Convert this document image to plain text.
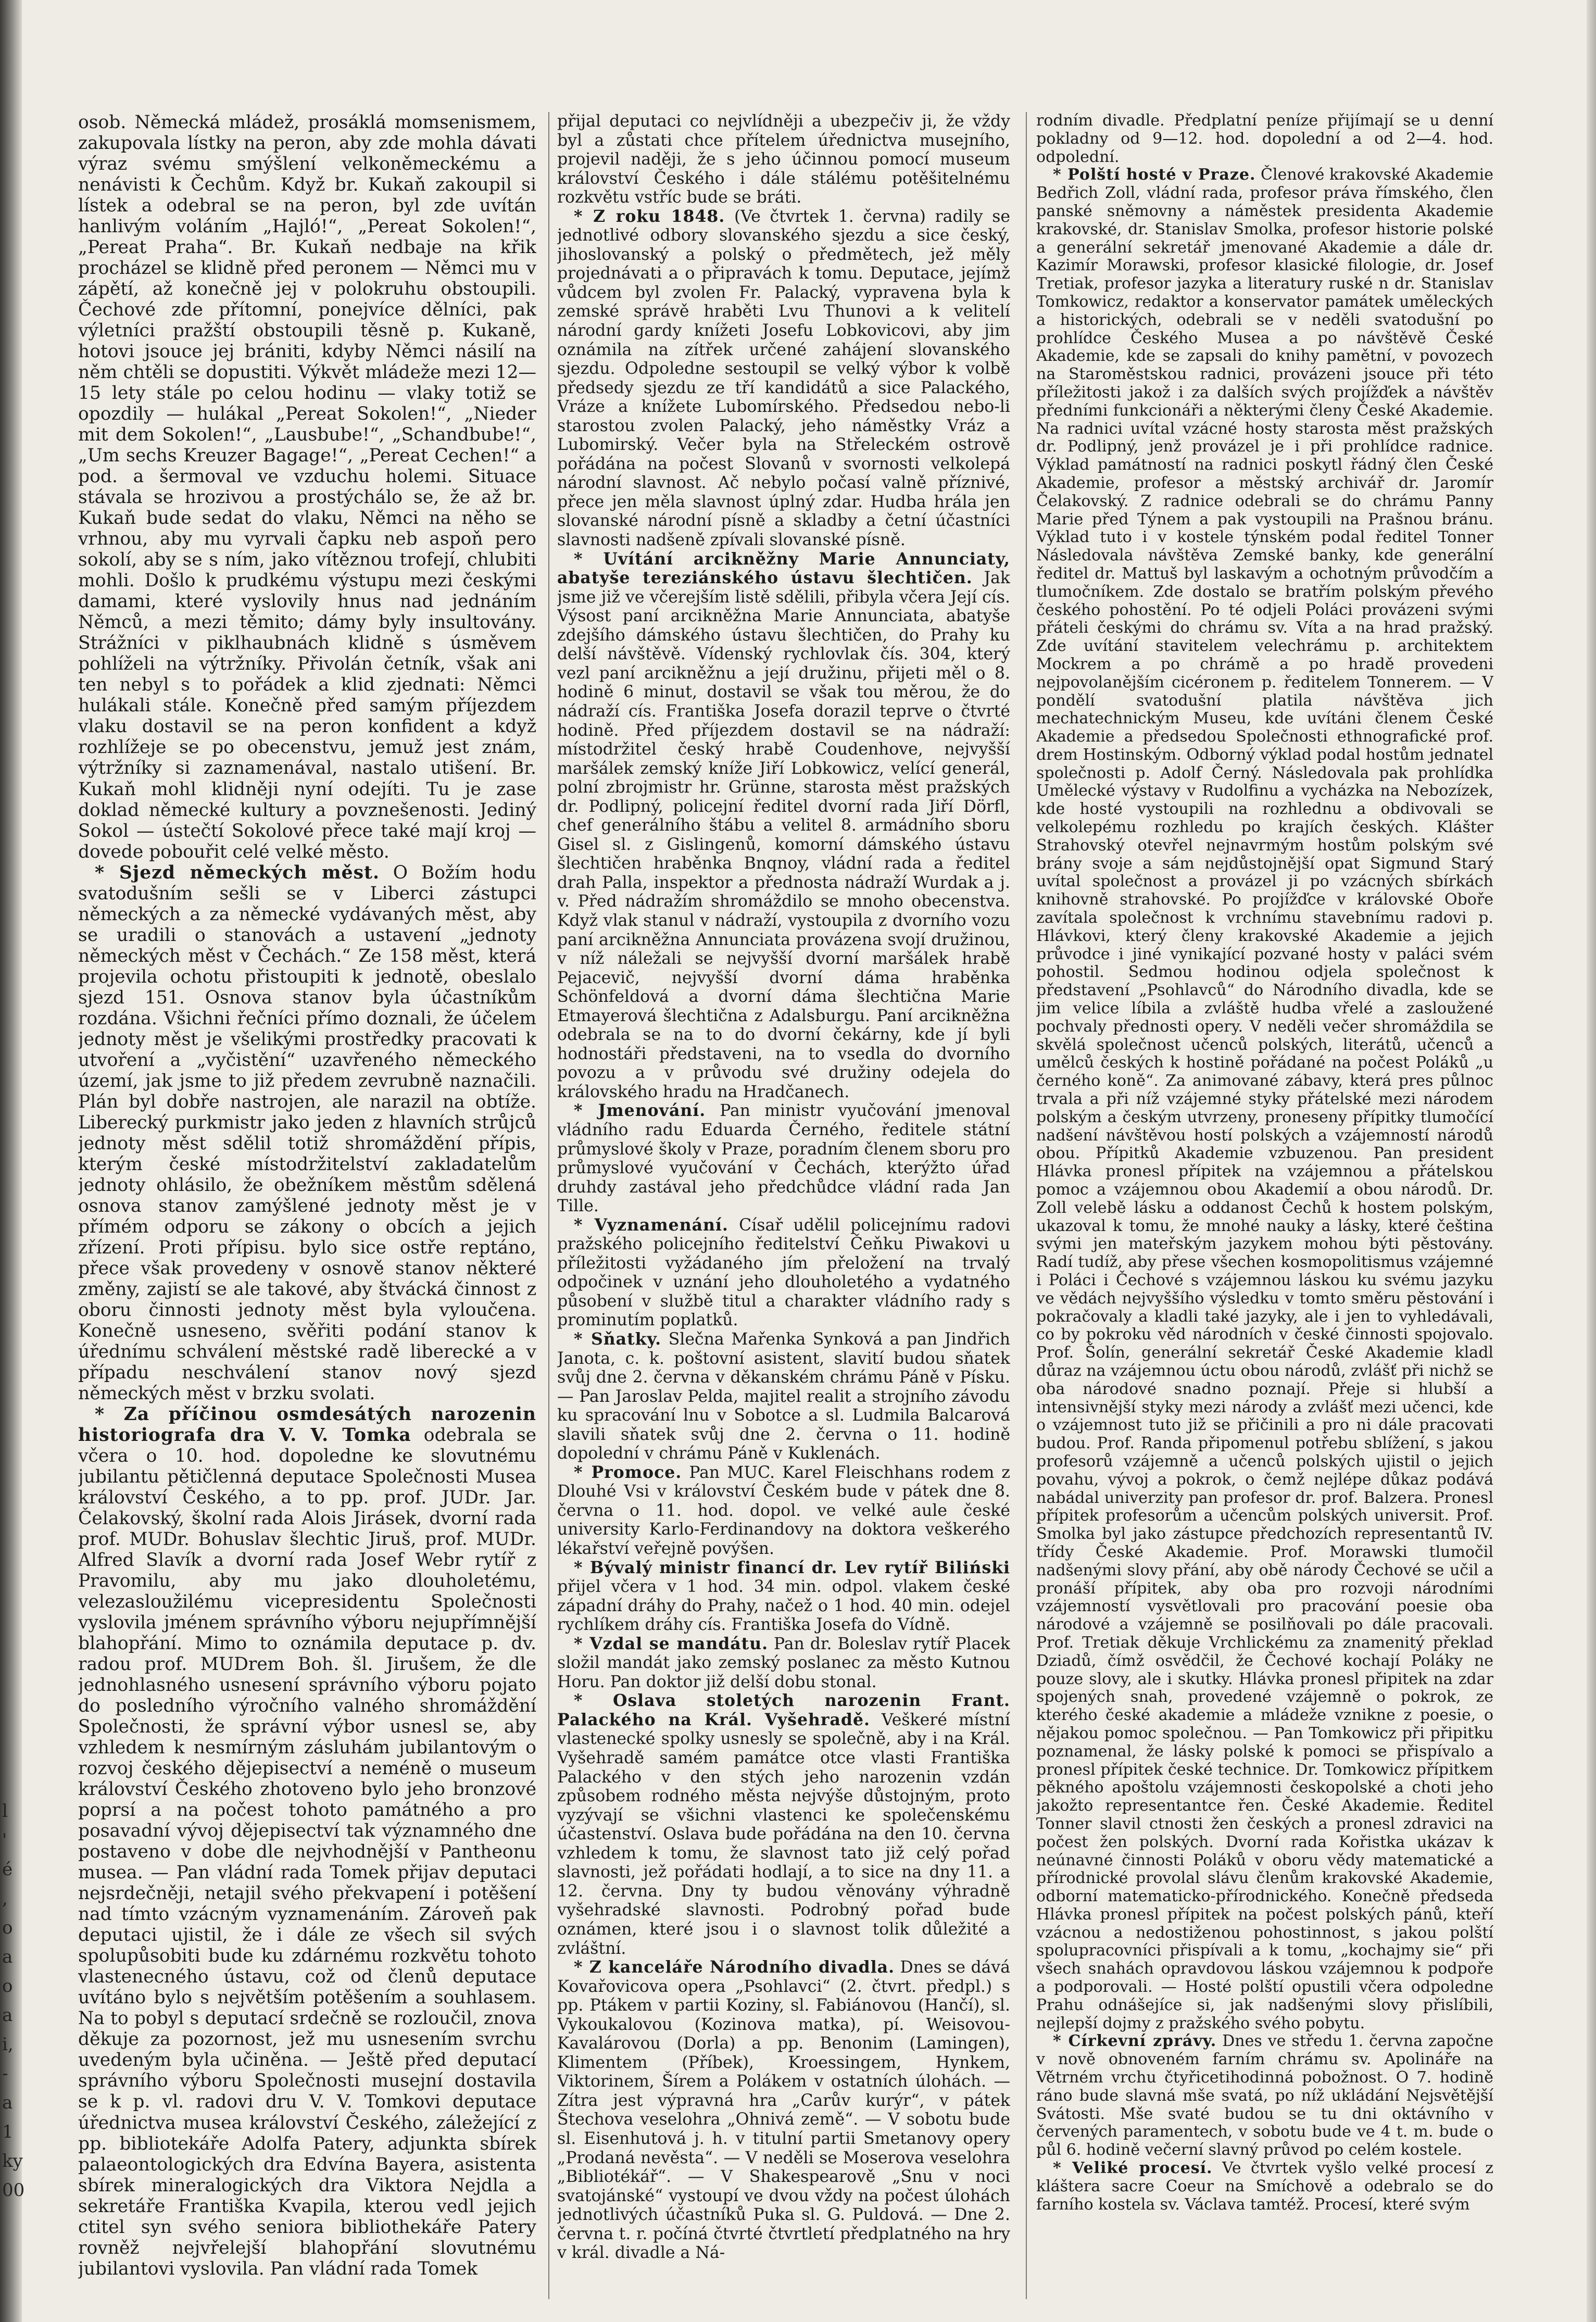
l
'
é
,
o
a
o
a
i,
-
a
1
ky
00

osob. Německá mládež, prosáklá momsenismem, zakupovala lístky na peron, aby zde mohla dávati výraz svému smýšlení velkoněmeckému a nenávisti k Čechům. Když br. Kukaň zakoupil si lístek a odebral se na peron, byl zde uvítán hanlivým voláním „Hajló!“, „Pereat Sokolen!“, „Pereat Praha“. Br. Kukaň nedbaje na křik procházel se klidně před peronem — Němci mu v zápětí, až konečně jej v polokruhu obstoupili. Čechové zde přítomní, ponejvíce dělníci, pak výletníci pražští obstoupili těsně p. Kukaně, hotovi jsouce jej brániti, kdyby Němci násilí na něm chtěli se dopustiti. Výkvět mládeže mezi 12—15 lety stále po celou hodinu — vlaky totiž se opozdily — hulákal „Pereat Sokolen!“, „Nieder mit dem Sokolen!“, „Lausbube!“, „Schandbube!“, „Um sechs Kreuzer Bagage!“, „Pereat Cechen!“ a pod. a šermoval ve vzduchu holemi. Situace stávala se hrozivou a prostýchálo se, že až br. Kukaň bude sedat do vlaku, Němci na něho se vrhnou, aby mu vyrvali čapku neb aspoň pero sokolí, aby se s ním, jako vítěznou trofejí, chlubiti mohli. Došlo k prudkému výstupu mezi českými damami, které vyslovily hnus nad jednáním Němců, a mezi těmito; dámy byly insultovány. Strážníci v piklhaubnách klidně s úsměvem pohlíželi na výtržníky. Přivolán četník, však ani ten nebyl s to pořádek a klid zjednati: Němci hulákali stále. Konečně před samým příjezdem vlaku dostavil se na peron konfident a když rozhlížeje se po obecenstvu, jemuž jest znám, výtržníky si zaznamenával, nastalo utišení. Br. Kukaň mohl klidněji nyní odejíti. Tu je zase doklad německé kultury a povznešenosti. Jediný Sokol — ústečtí Sokolové přece také mají kroj — dovede pobouřit celé velké město.

* Sjezd německých měst. O Božím hodu svatodušním sešli se v Liberci zástupci německých a za německé vydávaných měst, aby se uradili o stanovách a ustavení „jednoty německých měst v Čechách.“ Ze 158 měst, která projevila ochotu přistoupiti k jednotě, obeslalo sjezd 151. Osnova stanov byla účastníkům rozdána. Všichni řečníci přímo doznali, že účelem jednoty měst je všelikými prostředky pracovati k utvoření a „vyčistění“ uzavřeného německého území, jak jsme to již předem zevrubně naznačili. Plán byl dobře nastrojen, ale narazil na obtíže. Liberecký purkmistr jako jeden z hlavních strůjců jednoty měst sdělil totiž shromáždění přípis, kterým české místodržitelství zakladatelům jednoty ohlásilo, že obežníkem městům sdělená osnova stanov zamýšlené jednoty měst je v přímém odporu se zákony o obcích a jejich zřízení. Proti přípisu. bylo sice ostře reptáno, přece však provedeny v osnově stanov některé změny, zajistí se ale takové, aby štvácká činnost z oboru činnosti jednoty měst byla vyloučena. Konečně usneseno, svěřiti podání stanov k úřednímu schválení městské radě liberecké a v případu neschválení stanov nový sjezd německých měst v brzku svolati.

* Za příčinou osmdesátých narozenin historiografa dra V. V. Tomka odebrala se včera o 10. hod. dopoledne ke slovutnému jubilantu pětičlenná deputace Společnosti Musea království Českého, a to pp. prof. JUDr. Jar. Čelakovský, školní rada Alois Jirásek, dvorní rada prof. MUDr. Bohuslav šlechtic Jiruš, prof. MUDr. Alfred Slavík a dvorní rada Josef Webr rytíř z Pravomilu, aby mu jako dlouholetému, velezasloužilému vicepresidentu Společnosti vyslovila jménem správního výboru nejupřímnější blahopřání. Mimo to oznámila deputace p. dv. radou prof. MUDrem Boh. šl. Jirušem, že dle jednohlasného usnesení správního výboru pojato do posledního výročního valného shromáždění Společnosti, že správní výbor usnesl se, aby vzhledem k nesmírným zásluhám jubilantovým o rozvoj českého dějepisectví a neméně o museum království Českého zhotoveno bylo jeho bronzové poprsí a na počest tohoto památného a pro posavadní vývoj dějepisectví tak významného dne postaveno v dobe dle nejvhodnější v Pantheonu musea. — Pan vládní rada Tomek přijav deputaci nejsrdečněji, netajil svého překvapení i potěšení nad tímto vzácným vyznamenáním. Zároveň pak deputaci ujistil, že i dále ze všech sil svých spolupůsobiti bude ku zdárnému rozkvětu tohoto vlastenecného ústavu, což od členů deputace uvítáno bylo s největším potěšením a souhlasem. Na to pobyl s deputací srdečně se rozloučil, znova děkuje za pozornost, jež mu usnesením svrchu uvedeným byla učiněna. — Ještě před deputací správního výboru Společnosti musejní dostavila se k p. vl. radovi dru V. V. Tomkovi deputace úřednictva musea království Českého, záležející z pp. bibliotekáře Adolfa Patery, adjunkta sbírek palaeontologických dra Edvína Bayera, asistenta sbírek mineralogických dra Viktora Nejdla a sekretáře Františka Kvapila, kterou vedl jejich ctitel syn svého seniora bibliothekáře Patery rovněž nejvřelejší blahopřání slovutnému jubilantovi vyslovila. Pan vládní rada Tomek

přijal deputaci co nejvlídněji a ubezpečiv ji, že vždy byl a zůstati chce přítelem úřednictva musejního, projevil naději, že s jeho účinnou pomocí museum království Českého i dále stálému potěšitelnému rozkvětu vstříc bude se bráti.

* Z roku 1848. (Ve čtvrtek 1. června) radily se jednotlivé odbory slovanského sjezdu a sice český, jihoslovanský a polský o předmětech, jež měly projednávati a o připravách k tomu. Deputace, jejímž vůdcem byl zvolen Fr. Palacký, vypravena byla k zemské správě hraběti Lvu Thunovi a k velitelí národní gardy knížeti Josefu Lobkovicovi, aby jim oznámila na zítřek určené zahájení slovanského sjezdu. Odpoledne sestoupil se velký výbor k volbě předsedy sjezdu ze tří kandidátů a sice Palackého, Vráze a knížete Lubomírského. Předsedou nebo-li starostou zvolen Palacký, jeho náměstky Vráz a Lubomirský. Večer byla na Střeleckém ostrově pořádána na počest Slovanů v svornosti velkolepá národní slavnost. Ač nebylo počasí valně příznivé, přece jen měla slavnost úplný zdar. Hudba hrála jen slovanské národní písně a skladby a četní účastníci slavnosti nadšeně zpívali slovanské písně.

* Uvítání arcikněžny Marie Annunciaty, abatyše tereziánského ústavu šlechtičen. Jak jsme již ve včerejším listě sdělili, přibyla včera Její cís. Výsost paní arcikněžna Marie Annunciata, abatyše zdejšího dámského ústavu šlechtičen, do Prahy ku delší návštěvě. Vídenský rychlovlak čís. 304, který vezl paní arcikněžnu a její družinu, přijeti měl o 8. hodině 6 minut, dostavil se však tou měrou, že do nádraží cís. Františka Josefa dorazil teprve o čtvrté hodině. Před příjezdem dostavil se na nádraží: místodržitel český hrabě Coudenhove, nejvyšší maršálek zemský kníže Jiří Lobkowicz, velící generál, polní zbrojmistr hr. Grünne, starosta měst pražských dr. Podlipný, policejní ředitel dvorní rada Jiří Dörfl, chef generálního štábu a velitel 8. armádního sboru Gisel sl. z Gislingenů, komorní dámského ústavu šlechtičen hraběnka Bnqnoy, vládní rada a ředitel drah Palla, inspektor a přednosta nádraží Wurdak a j. v. Před nádražím shromáždilo se mnoho obecenstva. Když vlak stanul v nádraží, vystoupila z dvorního vozu paní arcikněžna Annunciata provázena svojí družinou, v níž náležali se nejvyšší dvorní maršálek hrabě Pejacevič, nejvyšší dvorní dáma hraběnka Schönfeldová a dvorní dáma šlechtična Marie Etmayerová šlechtična z Adalsburgu. Paní arcikněžna odebrala se na to do dvorní čekárny, kde jí byli hodnostáři představeni, na to vsedla do dvorního povozu a v průvodu své družiny odejela do královského hradu na Hradčanech.

* Jmenování. Pan ministr vyučování jmenoval vládního radu Eduarda Černého, ředitele státní průmyslové školy v Praze, poradním členem sboru pro průmyslové vyučování v Čechách, kterýžto úřad druhdy zastával jeho předchůdce vládní rada Jan Tille.

* Vyznamenání. Císař udělil policejnímu radovi pražského policejního ředitelství Čeňku Piwakovi u příležitosti vyžádaného jím přeložení na trvalý odpočinek v uznání jeho dlouholetého a vydatného působení v službě titul a charakter vládního rady s prominutím poplatků.

* Sňatky. Slečna Mařenka Synková a pan Jindřich Janota, c. k. poštovní asistent, slavití budou sňatek svůj dne 2. června v děkanském chrámu Páně v Písku. — Pan Jaroslav Pelda, majitel realit a strojního závodu ku spracování lnu v Sobotce a sl. Ludmila Balcarová slavili sňatek svůj dne 2. června o 11. hodině dopolední v chrámu Páně v Kuklenách.

* Promoce. Pan MUC. Karel Fleischhans rodem z Dlouhé Vsi v království Českém bude v pátek dne 8. června o 11. hod. dopol. ve velké aule české university Karlo-Ferdinandovy na doktora veškerého lékařství veřejně povýšen.

* Bývalý ministr financí dr. Lev rytíř Biliński přijel včera v 1 hod. 34 min. odpol. vlakem české západní dráhy do Prahy, načež o 1 hod. 40 min. odejel rychlíkem dráhy cís. Františka Josefa do Vídně.

* Vzdal se mandátu. Pan dr. Boleslav rytíř Placek složil mandát jako zemský poslanec za město Kutnou Horu. Pan doktor již delší dobu stonal.

* Oslava stoletých narozenin Frant. Palackého na Král. Vyšehradě. Veškeré místní vlastenecké spolky usnesly se společně, aby i na Král. Vyšehradě samém památce otce vlasti Františka Palackého v den stých jeho narozenin vzdán způsobem rodného města nejvýše důstojným, proto vyzývají se všichni vlastenci ke společenskému účastenství. Oslava bude pořádána na den 10. června vzhledem k tomu, že slavnost tato již celý pořad slavnosti, jež pořádati hodlají, a to sice na dny 11. a 12. června. Dny ty budou věnovány výhradně vyšehradské slavnosti. Podrobný pořad bude oznámen, které jsou i o slavnost tolik důležité a zvláštní.

* Z kanceláře Národního divadla. Dnes se dává Kovařovicova opera „Psohlavci“ (2. čtvrt. předpl.) s pp. Ptákem v partii Koziny, sl. Fabiánovou (Hančí), sl. Vykoukalovou (Kozinova matka), pí. Weisovou-Kavalárovou (Dorla) a pp. Benonim (Lamingen), Klimentem (Příbek), Kroessingem, Hynkem, Viktorinem, Šírem a Polákem v ostatních úlohách. — Zítra jest výpravná hra „Carův kurýr“, v pátek Štechova veselohra „Ohnivá země“. — V sobotu bude sl. Eisenhutová j. h. v titulní partii Smetanovy opery „Prodaná nevěsta“. — V neděli se Moserova veselohra „Bibliotékář“. — V Shakespearově „Snu v noci svatojánské“ vystoupí ve dvou vždy na počest úlohách jednotlivých účastníků Puka sl. G. Puldová. — Dne 2. června t. r. počíná čtvrté čtvrtletí předplatného na hry v král. divadle a Ná-

rodním divadle. Předplatní peníze přijímají se u denní pokladny od 9—12. hod. dopolední a od 2—4. hod. odpolední.

* Polští hosté v Praze. Členové krakovské Akademie Bedřich Zoll, vládní rada, profesor práva římského, člen panské sněmovny a náměstek presidenta Akademie krakovské, dr. Stanislav Smolka, profesor historie polské a generální sekretář jmenované Akademie a dále dr. Kazimír Morawski, profesor klasické filologie, dr. Josef Tretiak, profesor jazyka a literatury ruské n dr. Stanislav Tomkowicz, redaktor a konservator památek uměleckých a historických, odebrali se v neděli svatodušní po prohlídce Českého Musea a po návštěvě České Akademie, kde se zapsali do knihy pamětní, v povozech na Staroměstskou radnici, provázeni jsouce při této příležitosti jakož i za dalších svých projížďek a návštěv předními funkcionáři a některými členy České Akademie. Na radnici uvítal vzácné hosty starosta měst pražských dr. Podlipný, jenž provázel je i při prohlídce radnice. Výklad památností na radnici poskytl řádný člen České Akademie, profesor a městský archivář dr. Jaromír Čelakovský. Z radnice odebrali se do chrámu Panny Marie před Týnem a pak vystoupili na Prašnou bránu. Výklad tuto i v kostele týnském podal ředitel Tonner Následovala návštěva Zemské banky, kde generální ředitel dr. Mattuš byl laskavým a ochotným průvodčím a tlumočníkem. Zde dostalo se bratřím polským převého českého pohostění. Po té odjeli Poláci provázeni svými přáteli českými do chrámu sv. Víta a na hrad pražský. Zde uvítání stavitelem velechrámu p. architektem Mockrem a po chrámě a po hradě provedeni nejpovolanějším cicéronem p. ředitelem Tonnerem. — V pondělí svatodušní platila návštěva jich mechatechnickým Museu, kde uvítáni členem České Akademie a předsedou Společnosti ethnografické prof. drem Hostinským. Odborný výklad podal hostům jednatel společnosti p. Adolf Černý. Následovala pak prohlídka Umělecké výstavy v Rudolfinu a vycházka na Nebozízek, kde hosté vystoupili na rozhlednu a obdivovali se velkolepému rozhledu po krajích českých. Klášter Strahovský otevřel nejnavrmým hostům polským své brány svoje a sám nejdůstojnější opat Sigmund Starý uvítal společnost a provázel ji po vzácných sbírkách knihovně strahovské. Po projížďce v královské Oboře zavítala společnost k vrchnímu stavebnímu radovi p. Hlávkovi, který členy krakovské Akademie a jejich průvodce i jiné vynikající pozvané hosty v paláci svém pohostil. Sedmou hodinou odjela společnost k představení „Psohlavců“ do Národního divadla, kde se jim velice líbila a zvláště hudba vřelé a zasloužené pochvaly přednosti opery. V neděli večer shromáždila se skvělá společnost učenců polských, literátů, učenců a umělců českých k hostině pořádané na počest Poláků „u černého koně“. Za animované zábavy, která pres půlnoc trvala a při níž vzájemné styky přátelské mezi národem polským a českým utvrzeny, proneseny přípitky tlumočící nadšení návštěvou hostí polských a vzájemností národů obou. Přípitků Akademie vzbuzenou. Pan president Hlávka pronesl přípitek na vzájemnou a přátelskou pomoc a vzájemnou obou Akademií a obou národů. Dr. Zoll velebě lásku a oddanost Čechů k hostem polským, ukazoval k tomu, že mnohé nauky a lásky, které čeština svými jen mateřským jazykem mohou býti pěstovány. Radí tudíž, aby přese všechen kosmopolitismus vzájemné i Poláci i Čechové s vzájemnou láskou ku svému jazyku ve vědách nejvyššího výsledku v tomto směru pěstování i pokračovaly a kladli také jazyky, ale i jen to vyhledávali, co by pokroku věd národních v české činnosti spojovalo. Prof. Šolín, generální sekretář České Akademie kladl důraz na vzájemnou úctu obou národů, zvlášť při nichž se oba národové snadno poznají. Přeje si hlubší a intensivnější styky mezi národy a zvlášť mezi učenci, kde o vzájemnost tuto již se přičinili a pro ni dále pracovati budou. Prof. Randa připomenul potřebu sblížení, s jakou profesorů vzájemně a učenců polských ujistil o jejich povahu, vývoj a pokrok, o čemž nejlépe důkaz podává nabádal univerzity pan profesor dr. prof. Balzera. Pronesl přípitek profesorům a učencům polských universit. Prof. Smolka byl jako zástupce předchozích representantů IV. třídy České Akademie. Prof. Morawski tlumočil nadšenými slovy přání, aby obě národy Čechové se učil a pronáší přípitek, aby oba pro rozvoji národními vzájemností vysvětlovali pro pracování poesie oba národové a vzájemně se posilňovali po dále pracovali. Prof. Tretiak děkuje Vrchlickému za znamenitý překlad Dziadů, čímž osvědčil, že Čechové kochají Poláky ne pouze slovy, ale i skutky. Hlávka pronesl připitek na zdar spojených snah, provedené vzájemně o pokrok, ze kterého české akademie a mládeže vznikne z poesie, o nějakou pomoc společnou. — Pan Tomkowicz při připitku poznamenal, že lásky polské k pomoci se přispívalo a pronesl přípitek české technice. Dr. Tomkowicz přípitkem pěkného apoštolu vzájemnosti českopolské a choti jeho jakožto representantce řen. České Akademie. Ředitel Tonner slavil ctnosti žen českých a pronesl zdravici na počest žen polských. Dvorní rada Kořistka ukázav k neúnavné činnosti Poláků v oboru vědy matematické a přírodnické provolal slávu členům krakovské Akademie, odborní matematicko-přírodnického. Konečně předseda Hlávka pronesl přípitek na počest polských pánů, kteří vzácnou a nedostiženou pohostinnost, s jakou polští spolupracovníci přispívali a k tomu, „kochajmy sie“ při všech snahách opravdovou láskou vzájemnou k podpoře a podporovali. — Hosté polští opustili včera odpoledne Prahu odnášejíce si, jak nadšenými slovy přislíbili, nejlepší dojmy z pražského svého pobytu.

* Církevní zprávy. Dnes ve středu 1. června započne v nově obnoveném farním chrámu sv. Apolináře na Větrném vrchu čtyřicetihodinná pobožnost. O 7. hodině ráno bude slavná mše svatá, po níž ukládání Nejsvětější Svátosti. Mše svaté budou se tu dni oktávního v červených paramentech, v sobotu bude ve 4 t. m. bude o půl 6. hodině večerní slavný průvod po celém kostele.

* Veliké procesí. Ve čtvrtek vyšlo velké procesí z kláštera sacre Coeur na Smíchově a odebralo se do farního kostela sv. Václava tamtéž. Procesí, které svým
